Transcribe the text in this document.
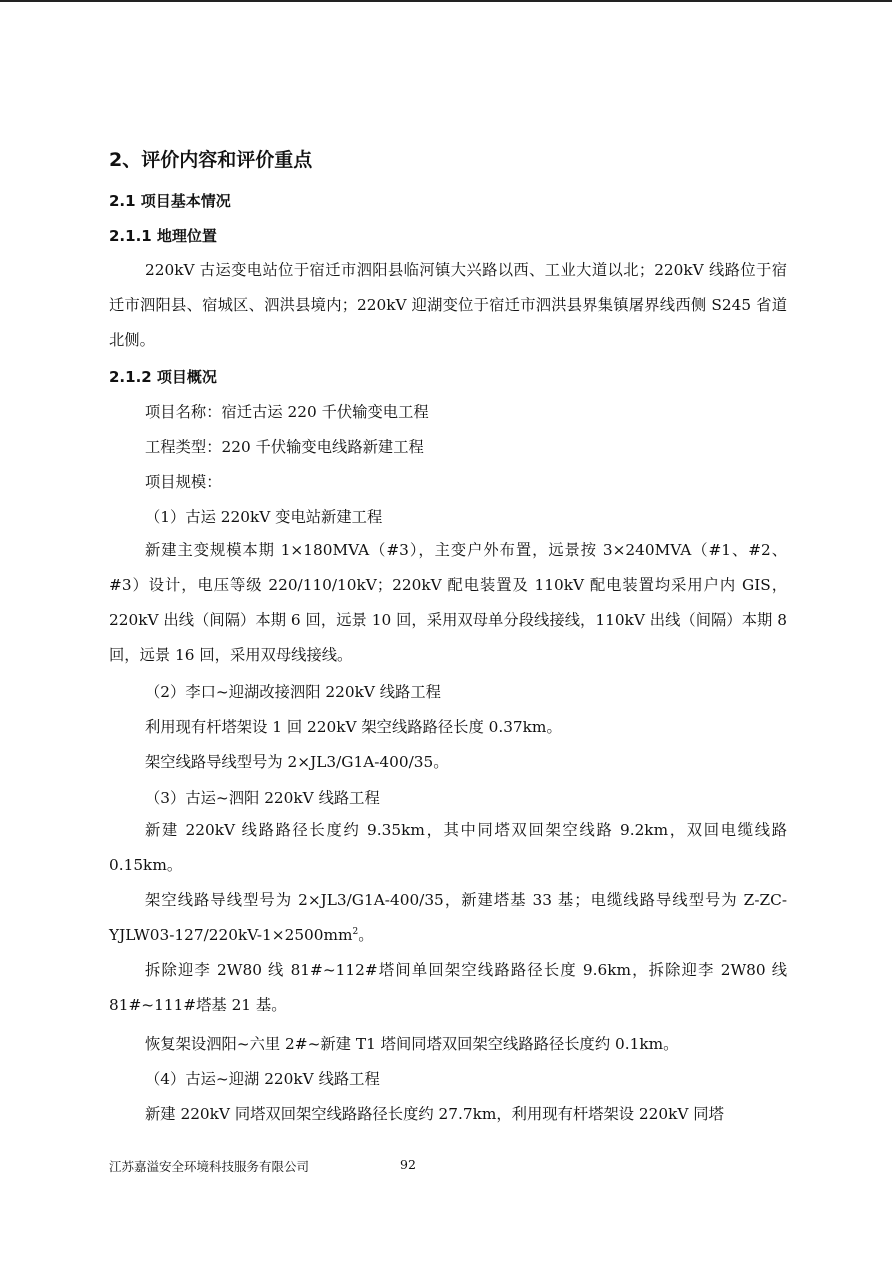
2、评价内容和评价重点
2.1 项目基本情况
2.1.1 地理位置
220kV 古运变电站位于宿迁市泗阳县临河镇大兴路以西、工业大道以北；220kV 线路位于宿迁市泗阳县、宿城区、泗洪县境内；220kV 迎湖变位于宿迁市泗洪县界集镇屠界线西侧 S245 省道北侧。
2.1.2 项目概况
项目名称：宿迁古运 220 千伏输变电工程
工程类型：220 千伏输变电线路新建工程
项目规模：
（1）古运 220kV 变电站新建工程
新建主变规模本期 1×180MVA（#3），主变户外布置，远景按 3×240MVA（#1、#2、#3）设计，电压等级 220/110/10kV；220kV 配电装置及 110kV 配电装置均采用户内 GIS，220kV 出线（间隔）本期 6 回，远景 10 回，采用双母单分段线接线，110kV 出线（间隔）本期 8 回，远景 16 回，采用双母线接线。
（2）李口~迎湖改接泗阳 220kV 线路工程
利用现有杆塔架设 1 回 220kV 架空线路路径长度 0.37km。
架空线路导线型号为 2×JL3/G1A-400/35。
（3）古运~泗阳 220kV 线路工程
新建 220kV 线路路径长度约 9.35km，其中同塔双回架空线路 9.2km，双回电缆线路 0.15km。
架空线路导线型号为 2×JL3/G1A-400/35，新建塔基 33 基；电缆线路导线型号为 $Z-ZC-YJLW03-127/220kV-1\times 2500mm^2$。
拆除迎李 2W80 线 81#~112#塔间单回架空线路路径长度 9.6km，拆除迎李 2W80 线 81#~111#塔基 21 基。
恢复架设泗阳~六里 2#~新建 T1 塔间同塔双回架空线路路径长度约 0.1km。
（4）古运~迎湖 220kV 线路工程
新建 220kV 同塔双回架空线路路径长度约 27.7km，利用现有杆塔架设 220kV 同塔
江苏嘉溢安全环境科技服务有限公司	92
